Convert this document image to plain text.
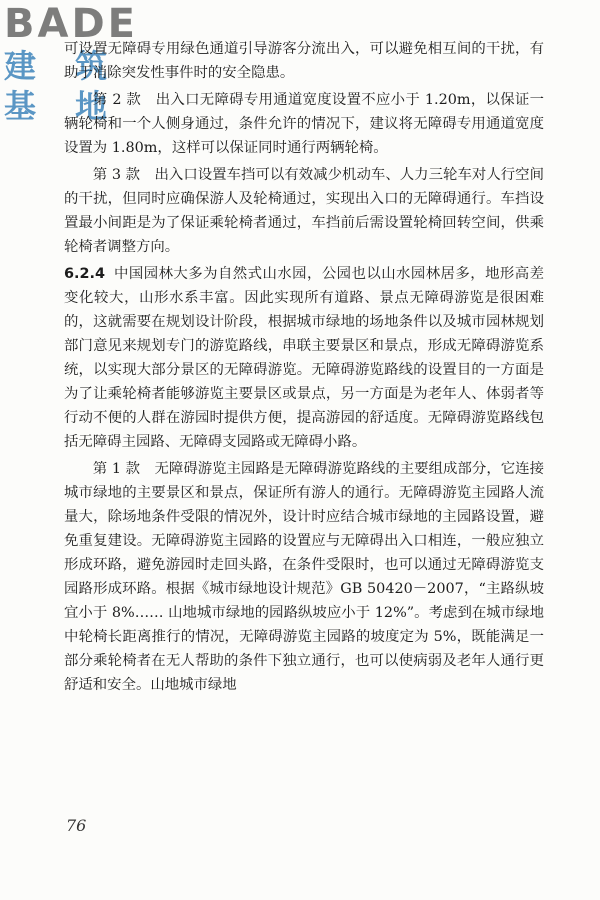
BADE
建 筑 基 地

可设置无障碍专用绿色通道引导游客分流出入，可以避免相互间的干扰，有助于消除突发性事件时的安全隐患。

第 2 款　出入口无障碍专用通道宽度设置不应小于 1.20m，以保证一辆轮椅和一个人侧身通过，条件允许的情况下，建议将无障碍专用通道宽度设置为 1.80m，这样可以保证同时通行两辆轮椅。

第 3 款　出入口设置车挡可以有效减少机动车、人力三轮车对人行空间的干扰，但同时应确保游人及轮椅通过，实现出入口的无障碍通行。车挡设置最小间距是为了保证乘轮椅者通过，车挡前后需设置轮椅回转空间，供乘轮椅者调整方向。

6.2.4 中国园林大多为自然式山水园，公园也以山水园林居多，地形高差变化较大，山形水系丰富。因此实现所有道路、景点无障碍游览是很困难的，这就需要在规划设计阶段，根据城市绿地的场地条件以及城市园林规划部门意见来规划专门的游览路线，串联主要景区和景点，形成无障碍游览系统，以实现大部分景区的无障碍游览。无障碍游览路线的设置目的一方面是为了让乘轮椅者能够游览主要景区或景点，另一方面是为老年人、体弱者等行动不便的人群在游园时提供方便，提高游园的舒适度。无障碍游览路线包括无障碍主园路、无障碍支园路或无障碍小路。

第 1 款　无障碍游览主园路是无障碍游览路线的主要组成部分，它连接城市绿地的主要景区和景点，保证所有游人的通行。无障碍游览主园路人流量大，除场地条件受限的情况外，设计时应结合城市绿地的主园路设置，避免重复建设。无障碍游览主园路的设置应与无障碍出入口相连，一般应独立形成环路，避免游园时走回头路，在条件受限时，也可以通过无障碍游览支园路形成环路。根据《城市绿地设计规范》GB 50420－2007，“主路纵坡宜小于 8%…… 山地城市绿地的园路纵坡应小于 12%”。考虑到在城市绿地中轮椅长距离推行的情况，无障碍游览主园路的坡度定为 5%，既能满足一部分乘轮椅者在无人帮助的条件下独立通行，也可以使病弱及老年人通行更舒适和安全。山地城市绿地

76
